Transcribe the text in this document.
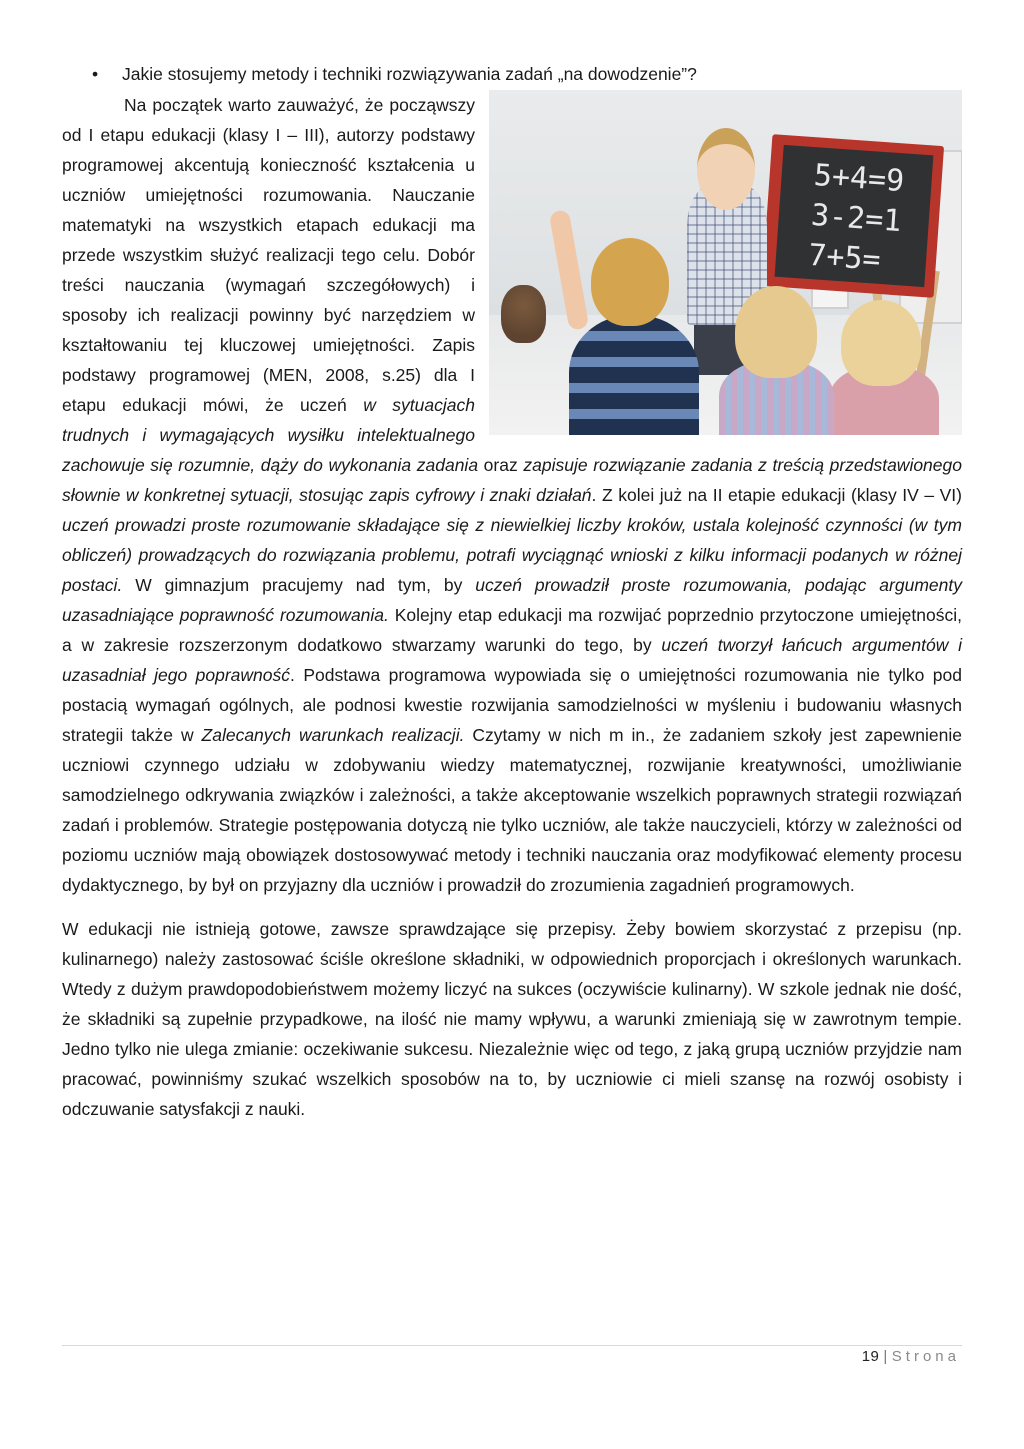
• Jakie stosujemy metody i techniki rozwiązywania zadań „na dowodzenie”?
5+4=9
3-2=1
7+5=

Na początek warto zauważyć, że począwszy od I etapu edukacji (klasy I – III), autorzy podstawy programowej akcentują konieczność kształcenia u uczniów umiejętności rozumowania. Nauczanie matematyki na wszystkich etapach edukacji ma przede wszystkim służyć realizacji tego celu. Dobór treści nauczania (wymagań szczegółowych) i sposoby ich realizacji powinny być narzędziem w kształtowaniu tej kluczowej umiejętności. Zapis podstawy programowej (MEN, 2008, s.25) dla I etapu edukacji mówi, że uczeń w sytuacjach trudnych i wymagających wysiłku intelektualnego zachowuje się rozumnie, dąży do wykonania zadania oraz zapisuje rozwiązanie zadania z treścią przedstawionego słownie w konkretnej sytuacji, stosując zapis cyfrowy i znaki działań. Z kolei już na II etapie edukacji (klasy IV – VI) uczeń prowadzi proste rozumowanie składające się z niewielkiej liczby kroków, ustala kolejność czynności (w tym obliczeń) prowadzących do rozwiązania problemu, potrafi wyciągnąć wnioski z kilku informacji podanych w różnej postaci. W gimnazjum pracujemy nad tym, by uczeń prowadził proste rozumowania, podając argumenty uzasadniające poprawność rozumowania. Kolejny etap edukacji ma rozwijać poprzednio przytoczone umiejętności, a w zakresie rozszerzonym dodatkowo stwarzamy warunki do tego, by uczeń tworzył łańcuch argumentów i uzasadniał jego poprawność. Podstawa programowa wypowiada się o umiejętności rozumowania nie tylko pod postacią wymagań ogólnych, ale podnosi kwestie rozwijania samodzielności w myśleniu i budowaniu własnych strategii także w Zalecanych warunkach realizacji. Czytamy w nich m in., że zadaniem szkoły jest zapewnienie uczniowi czynnego udziału w zdobywaniu wiedzy matematycznej, rozwijanie kreatywności, umożliwianie samodzielnego odkrywania związków i zależności, a także akceptowanie wszelkich poprawnych strategii rozwiązań zadań i problemów. Strategie postępowania dotyczą nie tylko uczniów, ale także nauczycieli, którzy w zależności od poziomu uczniów mają obowiązek dostosowywać metody i techniki nauczania oraz modyfikować elementy procesu dydaktycznego, by był on przyjazny dla uczniów i prowadził do zrozumienia zagadnień programowych.

W edukacji nie istnieją gotowe, zawsze sprawdzające się przepisy. Żeby bowiem skorzystać z przepisu (np. kulinarnego) należy zastosować ściśle określone składniki, w odpowiednich proporcjach i określonych warunkach. Wtedy z dużym prawdopodobieństwem możemy liczyć na sukces (oczywiście kulinarny). W szkole jednak nie dość, że składniki są zupełnie przypadkowe, na ilość nie mamy wpływu, a warunki zmieniają się w zawrotnym tempie. Jedno tylko nie ulega zmianie: oczekiwanie sukcesu. Niezależnie więc od tego, z jaką grupą uczniów przyjdzie nam pracować, powinniśmy szukać wszelkich sposobów na to, by uczniowie ci mieli szansę na rozwój osobisty i odczuwanie satysfakcji z nauki.

19 | Strona
